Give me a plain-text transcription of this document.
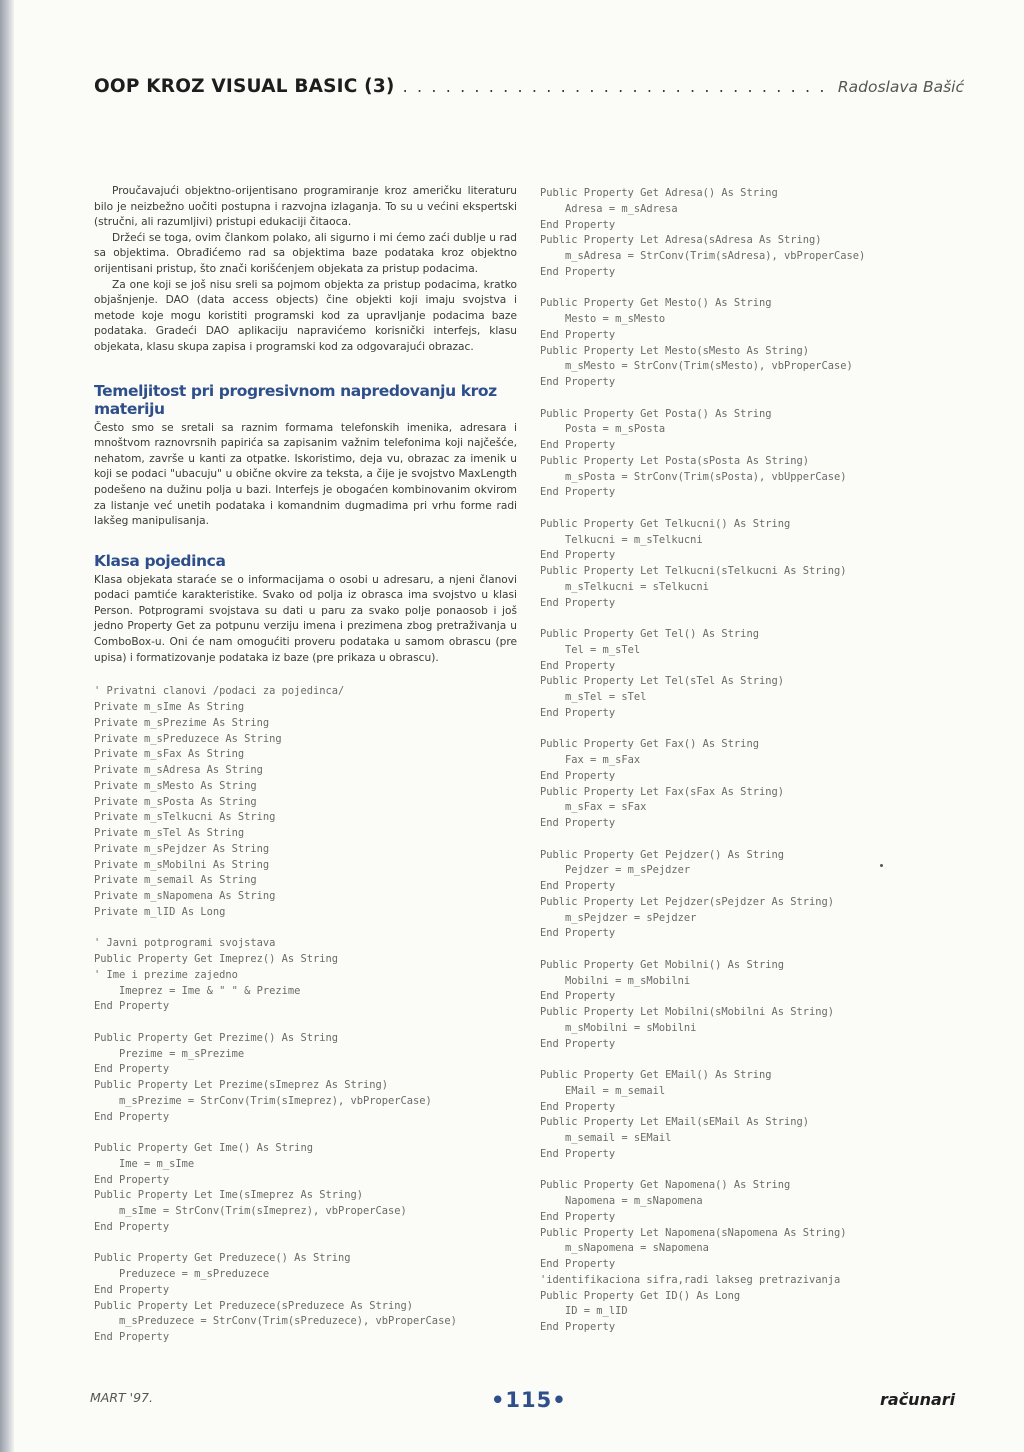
OOP KROZ VISUAL BASIC (3)
. . .	Radoslava Bašić

Proučavajući objektno-orijentisano programiranje kroz američku literaturu bilo je neizbežno uočiti postupna i razvojna izlaganja. To su u većini ekspertski (stručni, ali razumljivi) pristupi edukaciji čitaoca.

Držeći se toga, ovim člankom polako, ali sigurno i mi ćemo zaći dublje u rad sa objektima. Obrađićemo rad sa objektima baze podataka kroz objektno orijentisani pristup, što znači korišćenjem objekata za pristup podacima.

Za one koji se još nisu sreli sa pojmom objekta za pristup podacima, kratko objašnjenje. DAO (data access objects) čine objekti koji imaju svojstva i metode koje mogu koristiti programski kod za upravljanje podacima baze podataka. Gradeći DAO aplikaciju napravićemo korisnički interfejs, klasu objekata, klasu skupa zapisa i programski kod za odgovarajući obrazac.

Temeljitost pri progresivnom napredovanju kroz materiju

Često smo se sretali sa raznim formama telefonskih imenika, adresara i mnoštvom raznovrsnih papirića sa zapisanim važnim telefonima koji najčešće, nehatom, završe u kanti za otpatke. Iskoristimo, deja vu, obrazac za imenik u koji se podaci "ubacuju" u obične okvire za teksta, a čije je svojstvo MaxLength podešeno na dužinu polja u bazi. Interfejs je obogaćen kombinovanim okvirom za listanje već unetih podataka i komandnim dugmadima pri vrhu forme radi lakšeg manipulisanja.

Klasa pojedinca

Klasa objekata staraće se o informacijama o osobi u adresaru, a njeni članovi podaci pamtiće karakteristike. Svako od polja iz obrasca ima svojstvo u klasi Person. Potprogrami svojstava su dati u paru za svako polje ponaosob i još jedno Property Get za potpunu verziju imena i prezimena zbog pretraživanja u ComboBox-u. Oni će nam omogućiti proveru podataka u samom obrascu (pre upisa) i formatizovanje podataka iz baze (pre prikaza u obrascu).

' Privatni clanovi /podaci za pojedinca/
Private m_sIme As String
Private m_sPrezime As String
Private m_sPreduzece As String
Private m_sFax As String
Private m_sAdresa As String
Private m_sMesto As String
Private m_sPosta As String
Private m_sTelkucni As String
Private m_sTel As String
Private m_sPejdzer As String
Private m_sMobilni As String
Private m_semail As String
Private m_sNapomena As String
Private m_lID As Long

' Javni potprogrami svojstava
Public Property Get Imeprez() As String
' Ime i prezime zajedno
Imeprez = Ime & " " & Prezime
End Property

Public Property Get Prezime() As String
Prezime = m_sPrezime
End Property
Public Property Let Prezime(sImeprez As String)
m_sPrezime = StrConv(Trim(sImeprez), vbProperCase)
End Property

Public Property Get Ime() As String
Ime = m_sIme
End Property
Public Property Let Ime(sImeprez As String)
m_sIme = StrConv(Trim(sImeprez), vbProperCase)
End Property

Public Property Get Preduzece() As String
Preduzece = m_sPreduzece
End Property
Public Property Let Preduzece(sPreduzece As String)
m_sPreduzece = StrConv(Trim(sPreduzece), vbProperCase)
End Property
Public Property Get Adresa() As String
Adresa = m_sAdresa
End Property
Public Property Let Adresa(sAdresa As String)
m_sAdresa = StrConv(Trim(sAdresa), vbProperCase)
End Property

Public Property Get Mesto() As String
Mesto = m_sMesto
End Property
Public Property Let Mesto(sMesto As String)
m_sMesto = StrConv(Trim(sMesto), vbProperCase)
End Property

Public Property Get Posta() As String
Posta = m_sPosta
End Property
Public Property Let Posta(sPosta As String)
m_sPosta = StrConv(Trim(sPosta), vbUpperCase)
End Property

Public Property Get Telkucni() As String
Telkucni = m_sTelkucni
End Property
Public Property Let Telkucni(sTelkucni As String)
m_sTelkucni = sTelkucni
End Property

Public Property Get Tel() As String
Tel = m_sTel
End Property
Public Property Let Tel(sTel As String)
m_sTel = sTel
End Property

Public Property Get Fax() As String
Fax = m_sFax
End Property
Public Property Let Fax(sFax As String)
m_sFax = sFax
End Property

Public Property Get Pejdzer() As String
Pejdzer = m_sPejdzer
End Property
Public Property Let Pejdzer(sPejdzer As String)
m_sPejdzer = sPejdzer
End Property

Public Property Get Mobilni() As String
Mobilni = m_sMobilni
End Property
Public Property Let Mobilni(sMobilni As String)
m_sMobilni = sMobilni
End Property

Public Property Get EMail() As String
EMail = m_semail
End Property
Public Property Let EMail(sEMail As String)
m_semail = sEMail
End Property

Public Property Get Napomena() As String
Napomena = m_sNapomena
End Property
Public Property Let Napomena(sNapomena As String)
m_sNapomena = sNapomena
End Property
'identifikaciona sifra,radi lakseg pretrazivanja
Public Property Get ID() As Long
ID = m_lID
End Property
MART '97.	•115•	računari
